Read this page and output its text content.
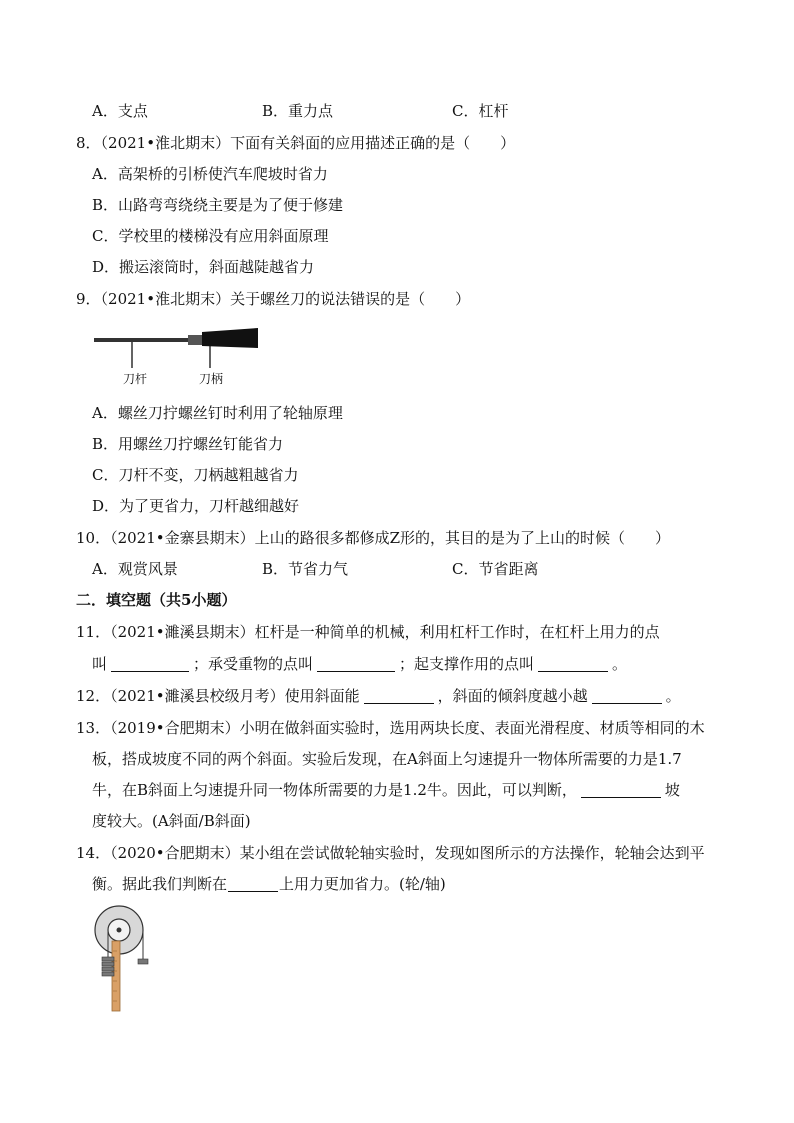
A．支点	B．重力点	C．杠杆
8．（2021•淮北期末）下面有关斜面的应用描述正确的是（　　）
A．高架桥的引桥使汽车爬坡时省力
B．山路弯弯绕绕主要是为了便于修建
C．学校里的楼梯没有应用斜面原理
D．搬运滚筒时，斜面越陡越省力
9．（2021•淮北期末）关于螺丝刀的说法错误的是（　　）
刀杆	刀柄
A．螺丝刀拧螺丝钉时利用了轮轴原理
B．用螺丝刀拧螺丝钉能省力
C．刀杆不变，刀柄越粗越省力
D．为了更省力，刀杆越细越好
10．（2021•金寨县期末）上山的路很多都修成Z形的，其目的是为了上山的时候（　　）
A．观赏风景	B．节省力气	C．节省距离
二．填空题（共5小题）
11．（2021•濉溪县期末）杠杆是一种简单的机械，利用杠杆工作时，在杠杆上用力的点
叫	；承受重物的点叫	；起支撑作用的点叫	。
12．（2021•濉溪县校级月考）使用斜面能	，斜面的倾斜度越小越	。
13．（2019•合肥期末）小明在做斜面实验时，选用两块长度、表面光滑程度、材质等相同的木
板，搭成坡度不同的两个斜面。实验后发现，在A斜面上匀速提升一物体所需要的力是1.7
牛，在B斜面上匀速提升同一物体所需要的力是1.2牛。因此，可以判断，	坡
度较大。(A斜面/B斜面)
14．（2020•合肥期末）某小组在尝试做轮轴实验时，发现如图所示的方法操作，轮轴会达到平
衡。据此我们判断在	上用力更加省力。(轮/轴)
